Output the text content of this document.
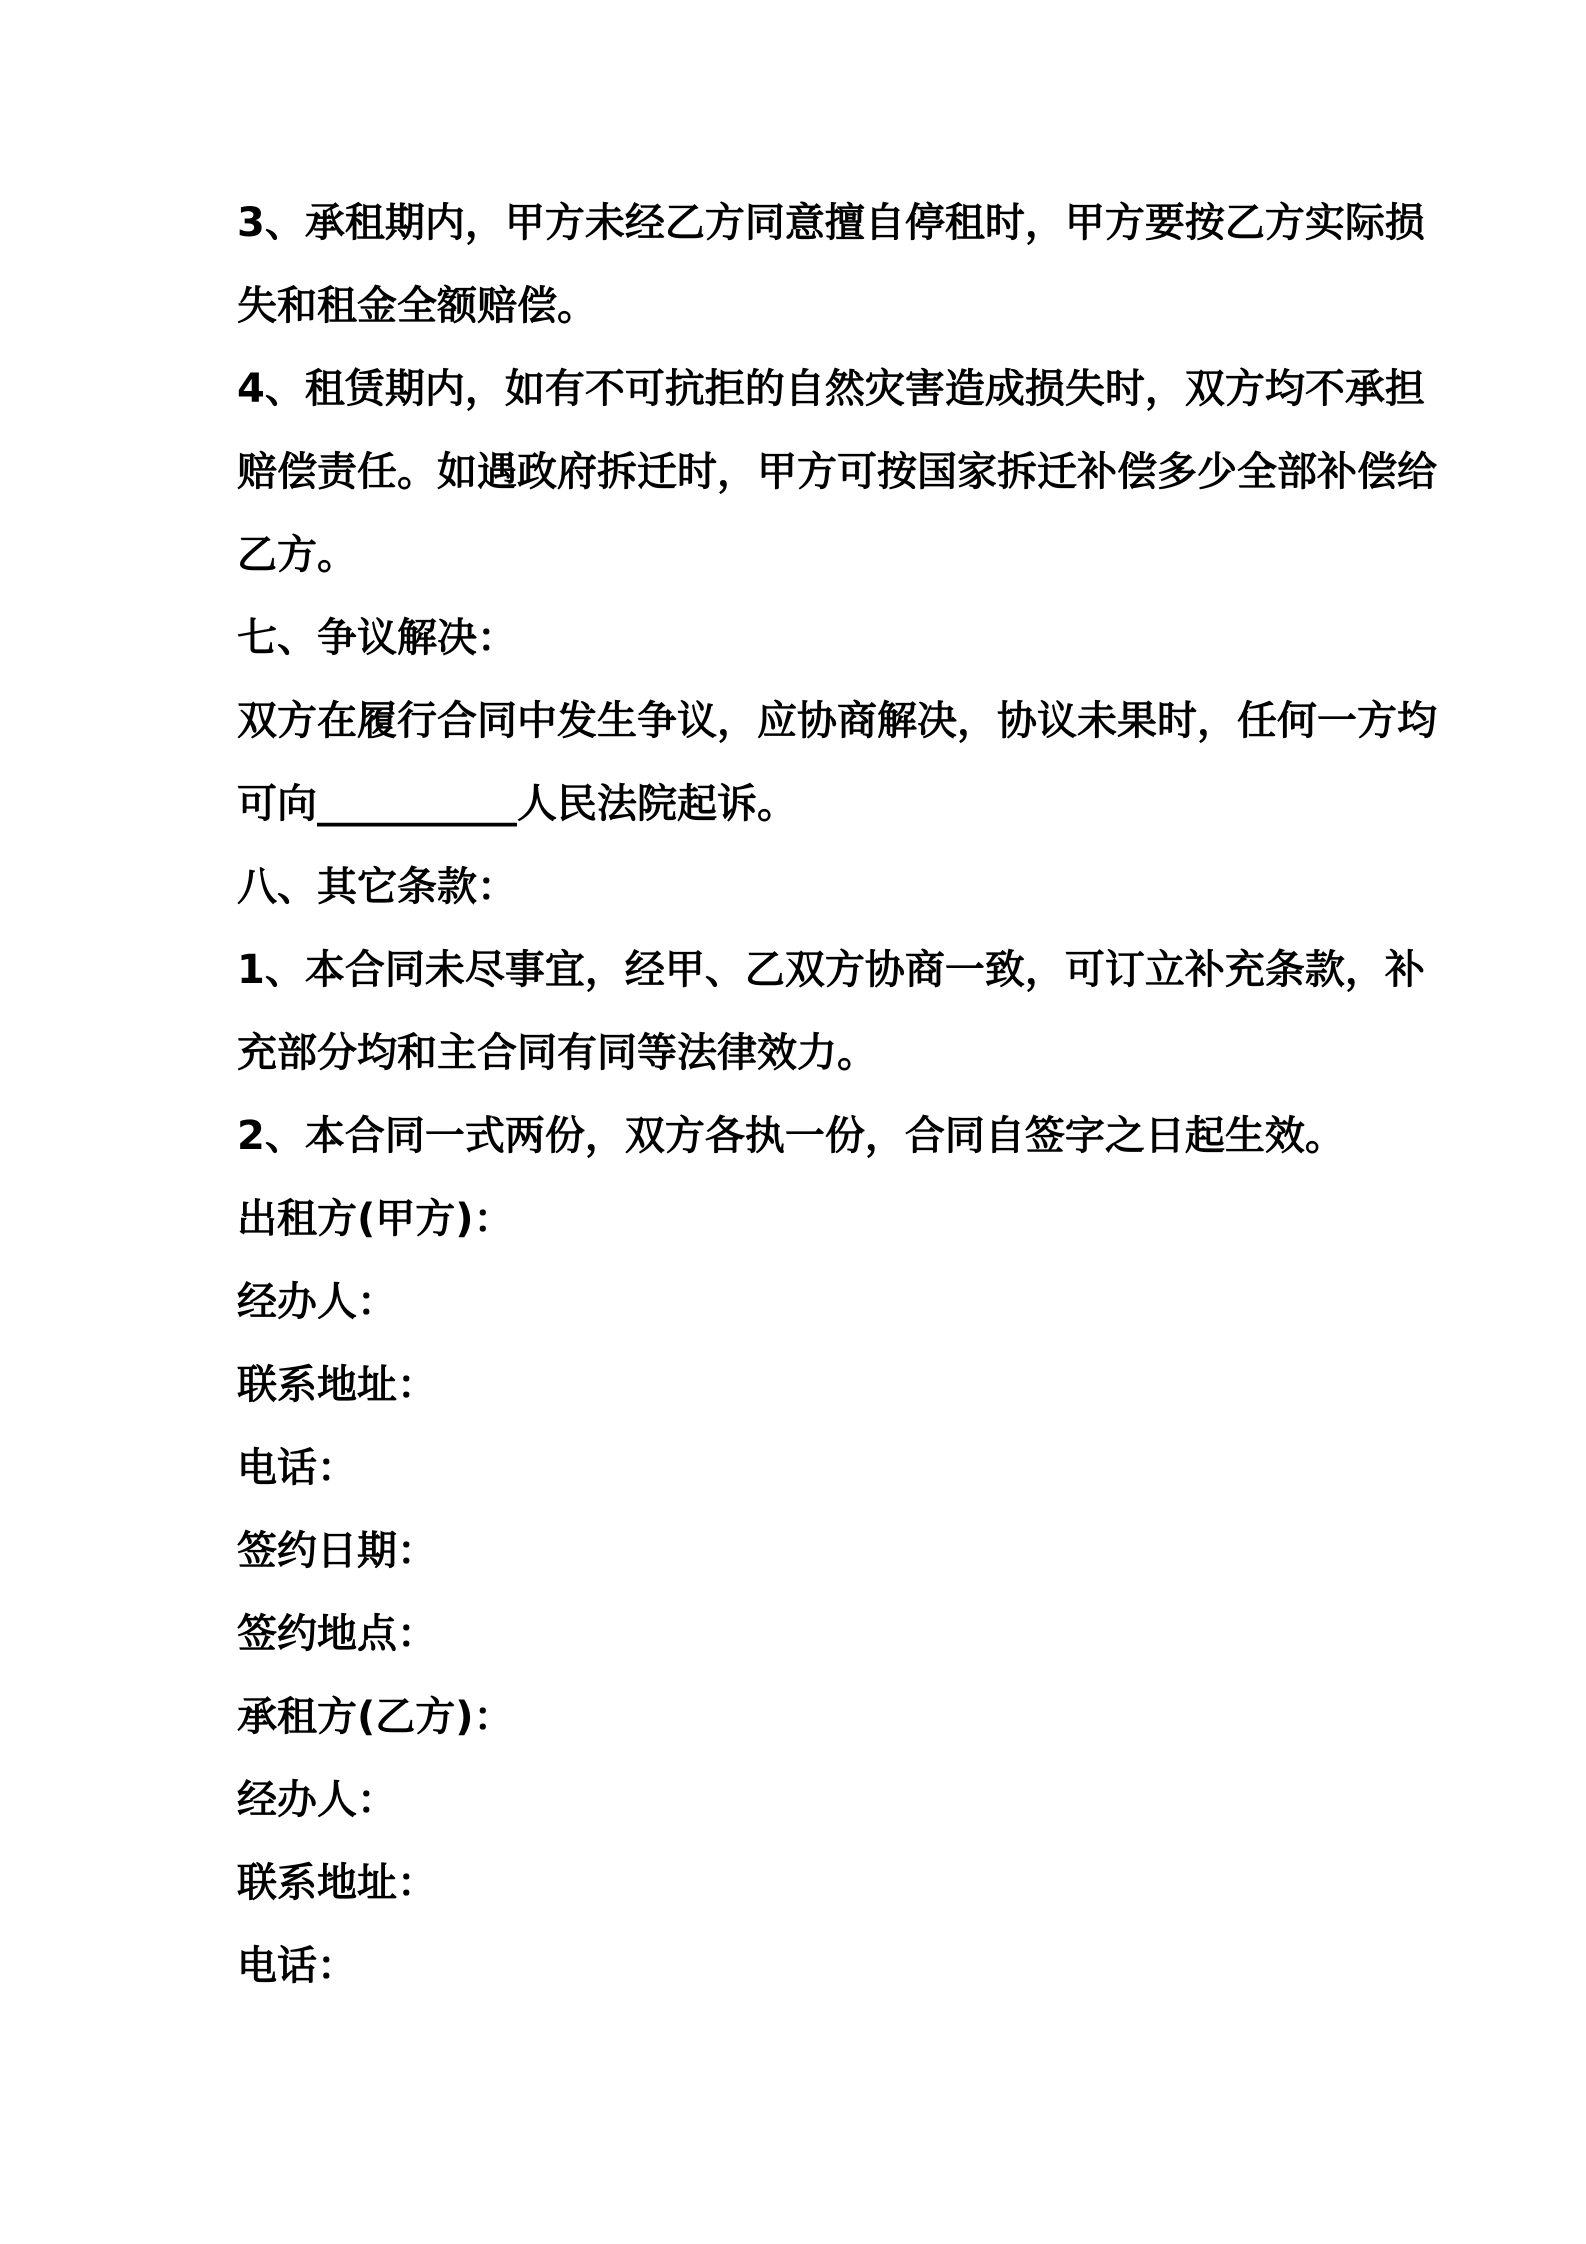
3、承租期内，甲方未经乙方同意擅自停租时，甲方要按乙方实际损
失和租金全额赔偿。
4、租赁期内，如有不可抗拒的自然灾害造成损失时，双方均不承担
赔偿责任。如遇政府拆迁时，甲方可按国家拆迁补偿多少全部补偿给
乙方。
七、争议解决：
双方在履行合同中发生争议，应协商解决，协议未果时，任何一方均
可向__________人民法院起诉。
八、其它条款：
1、本合同未尽事宜，经甲、乙双方协商一致，可订立补充条款，补
充部分均和主合同有同等法律效力。
2、本合同一式两份，双方各执一份，合同自签字之日起生效。
出租方(甲方)：
经办人：
联系地址：
电话：
签约日期：
签约地点：
承租方(乙方)：
经办人：
联系地址：
电话：
